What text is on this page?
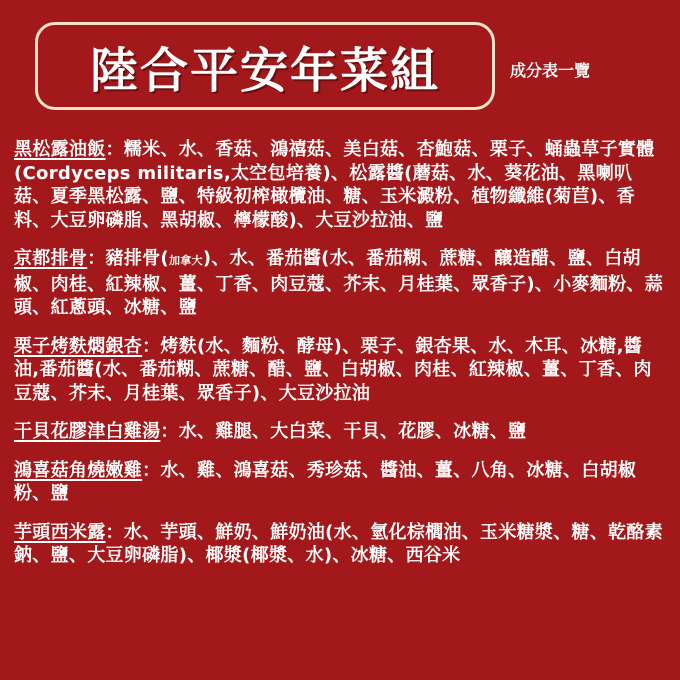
陸合平安年菜組	成分表一覽
黑松露油飯：糯米、水、香菇、鴻禧菇、美白菇、杏鮑菇、栗子、蛹蟲草子實體(Cordyceps militaris,太空包培養)、松露醬(蘑菇、水、葵花油、黑喇叭菇、夏季黑松露、鹽、特級初榨橄欖油、糖、玉米澱粉、植物纖維(菊苣)、香料、大豆卵磷脂、黑胡椒、檸檬酸)、大豆沙拉油、鹽
京都排骨：豬排骨(加拿大)、水、番茄醬(水、番茄糊、蔗糖、釀造醋、鹽、白胡椒、肉桂、紅辣椒、薑、丁香、肉豆蔻、芥末、月桂葉、眾香子)、小麥麵粉、蒜頭、紅蔥頭、冰糖、鹽
栗子烤麩燜銀杏：烤麩(水、麵粉、酵母)、栗子、銀杏果、水、木耳、冰糖,醬油,番茄醬(水、番茄糊、蔗糖、醋、鹽、白胡椒、肉桂、紅辣椒、薑、丁香、肉豆蔻、芥末、月桂葉、眾香子)、大豆沙拉油
干貝花膠津白雞湯：水、雞腿、大白菜、干貝、花膠、冰糖、鹽
鴻喜菇角燒嫩雞：水、雞、鴻喜菇、秀珍菇、醬油、薑、八角、冰糖、白胡椒粉、鹽
芋頭西米露：水、芋頭、鮮奶、鮮奶油(水、氫化棕櫚油、玉米糖漿、糖、乾酪素鈉、鹽、大豆卵磷脂)、椰漿(椰漿、水)、冰糖、西谷米
